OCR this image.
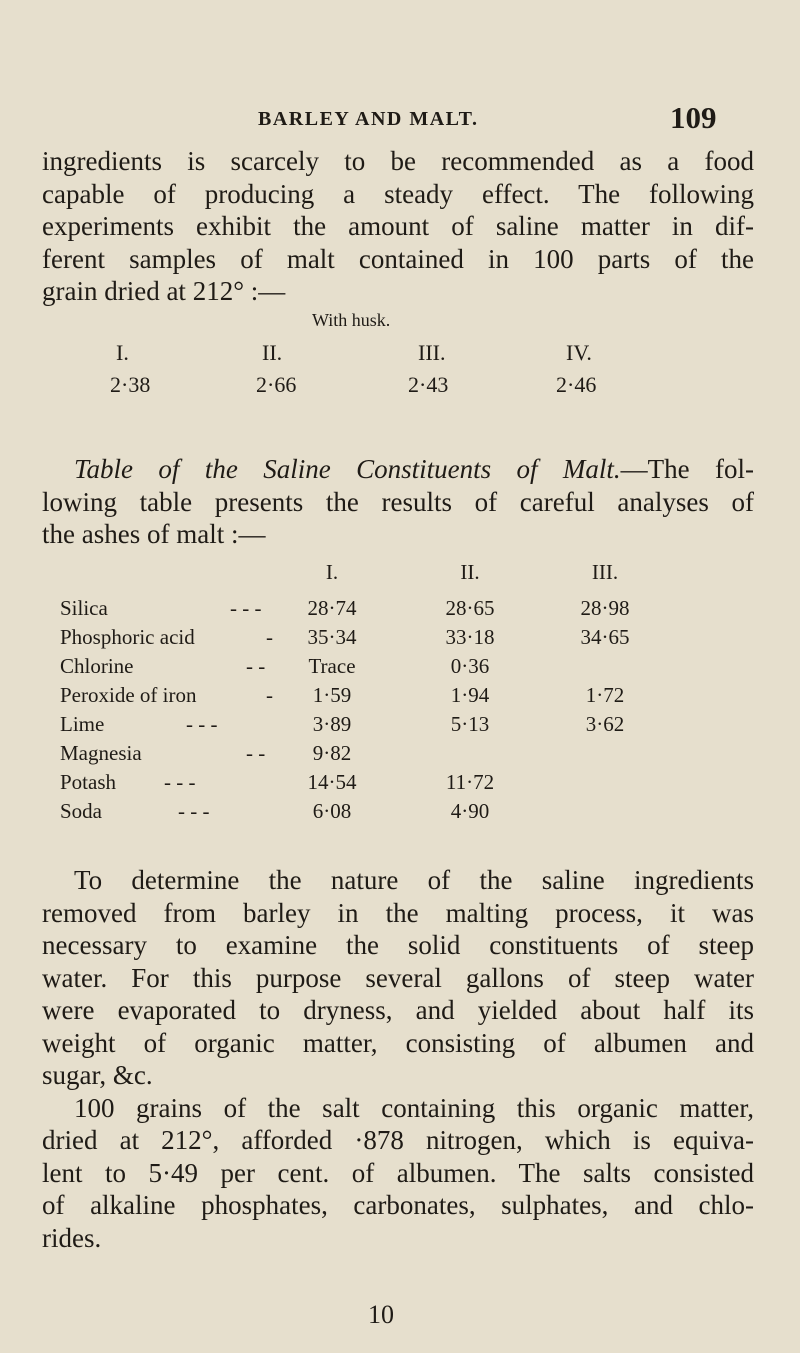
BARLEY AND MALT.	109
ingredients is scarcely to be recommended as a food
capable of producing a steady effect. The following
experiments exhibit the amount of saline matter in dif-
ferent samples of malt contained in 100 parts of the
grain dried at 212° :—
With husk.
I.	II.	III.	IV.
2·38	2·66	2·43	2·46
Table of the Saline Constituents of Malt.—The fol-
lowing table presents the results of careful analyses of
the ashes of malt :—
I.	II.	III.
Silica	- - -	28·74	28·65	28·98
Phosphoric acid	-	35·34	33·18	34·65
Chlorine	- -	Trace	0·36
Peroxide of iron	-	1·59	1·94	1·72
Lime	- - -	3·89	5·13	3·62
Magnesia	- -	9·82
Potash - - -	14·54	11·72
Soda	- - -	6·08	4·90
To determine the nature of the saline ingredients
removed from barley in the malting process, it was
necessary to examine the solid constituents of steep
water. For this purpose several gallons of steep water
were evaporated to dryness, and yielded about half its
weight of organic matter, consisting of albumen and
sugar, &c.
100 grains of the salt containing this organic matter,
dried at 212°, afforded ·878 nitrogen, which is equiva-
lent to 5·49 per cent. of albumen. The salts consisted
of alkaline phosphates, carbonates, sulphates, and chlo-
rides.
10
